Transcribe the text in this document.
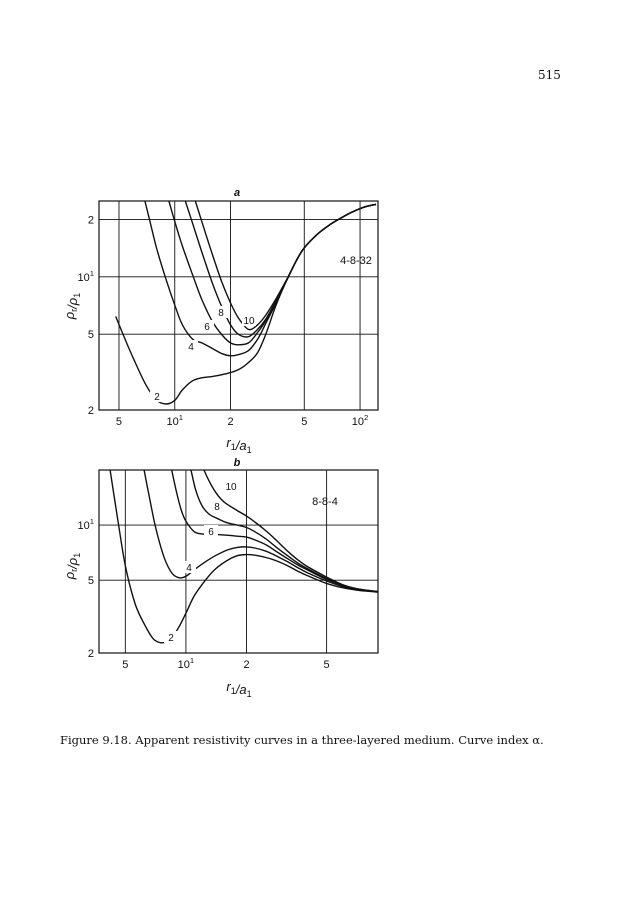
515
5	$10^1$	2	5	$10^2$
2
5
$10^1$
2
2
4
6
8
10
4-8-32
a
$r_1/a_1$
$\rho_r/\rho_1$
5	$10^1$	2	5
2
5
$10^1$
2
4
6
8
10
8-8-4
b
$r_1/a_1$
$\rho_r/\rho_1$
Figure 9.18. Apparent resistivity curves in a three-layered medium. Curve index α.
